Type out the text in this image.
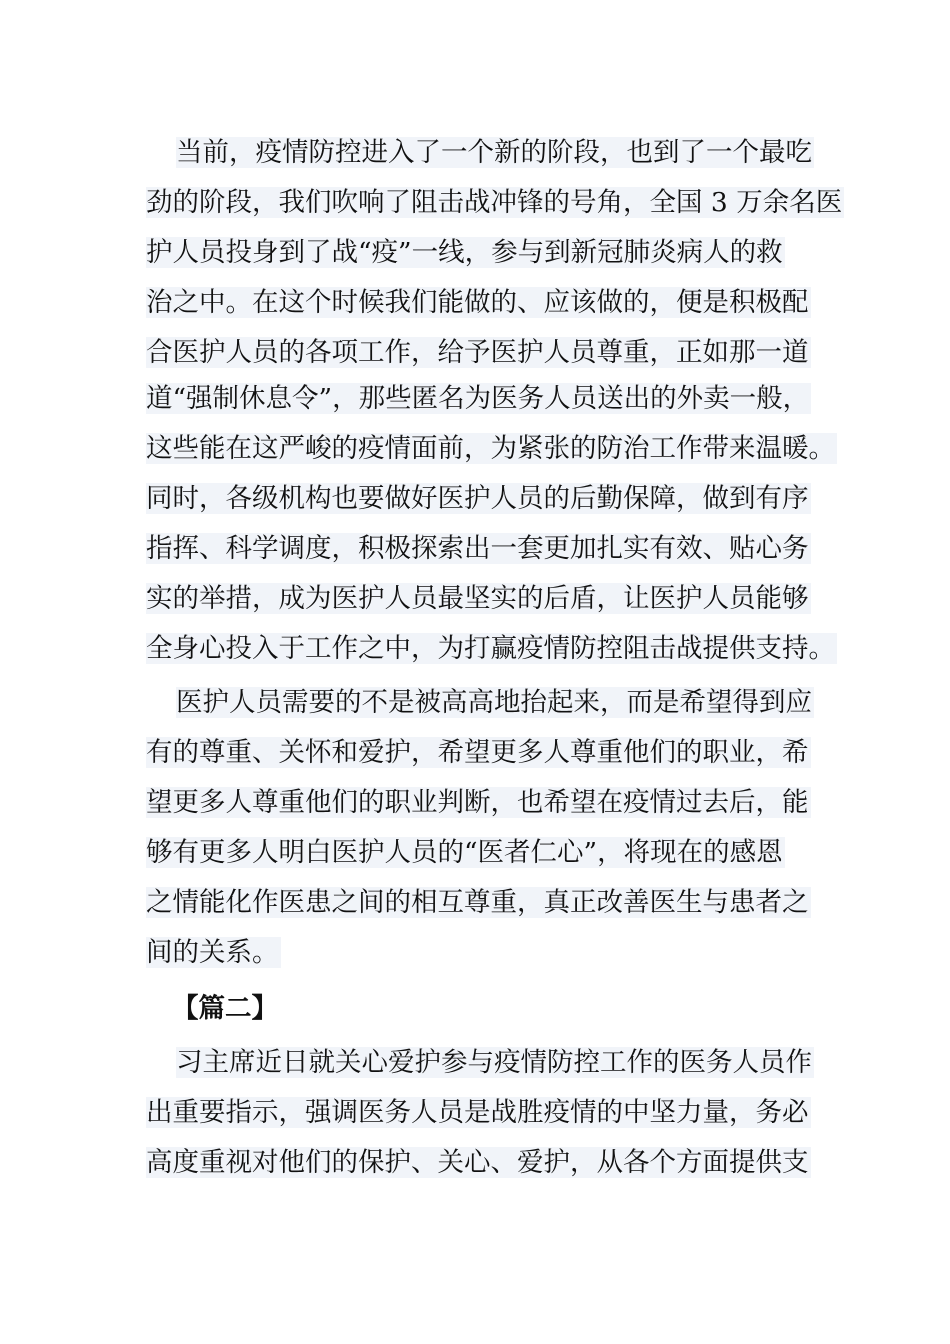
当前，疫情防控进入了一个新的阶段，也到了一个最吃
劲的阶段，我们吹响了阻击战冲锋的号角，全国 3 万余名医
护人员投身到了战“疫”一线，参与到新冠肺炎病人的救
治之中。在这个时候我们能做的、应该做的，便是积极配
合医护人员的各项工作，给予医护人员尊重，正如那一道
道“强制休息令”，那些匿名为医务人员送出的外卖一般，
这些能在这严峻的疫情面前，为紧张的防治工作带来温暖。
同时，各级机构也要做好医护人员的后勤保障，做到有序
指挥、科学调度，积极探索出一套更加扎实有效、贴心务
实的举措，成为医护人员最坚实的后盾，让医护人员能够
全身心投入于工作之中，为打赢疫情防控阻击战提供支持。
医护人员需要的不是被高高地抬起来，而是希望得到应
有的尊重、关怀和爱护，希望更多人尊重他们的职业，希
望更多人尊重他们的职业判断，也希望在疫情过去后，能
够有更多人明白医护人员的“医者仁心”，将现在的感恩
之情能化作医患之间的相互尊重，真正改善医生与患者之
间的关系。
【篇二】
习主席近日就关心爱护参与疫情防控工作的医务人员作
出重要指示，强调医务人员是战胜疫情的中坚力量，务必
高度重视对他们的保护、关心、爱护，从各个方面提供支
